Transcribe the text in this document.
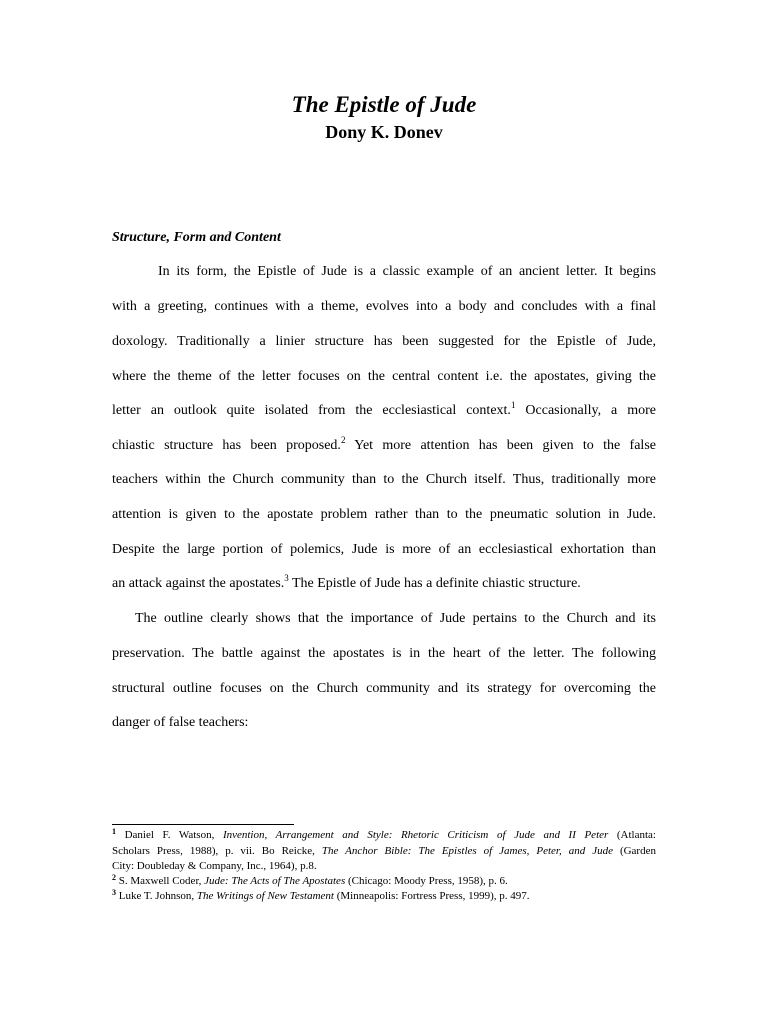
The Epistle of Jude
Dony K. Donev
Structure, Form and Content
In its form, the Epistle of Jude is a classic example of an ancient letter. It begins
with a greeting, continues with a theme, evolves into a body and concludes with a final
doxology. Traditionally a linier structure has been suggested for the Epistle of Jude,
where the theme of the letter focuses on the central content i.e. the apostates, giving the
letter an outlook quite isolated from the ecclesiastical context.$^1$ Occasionally, a more
chiastic structure has been proposed.$^2$ Yet more attention has been given to the false
teachers within the Church community than to the Church itself. Thus, traditionally more
attention is given to the apostate problem rather than to the pneumatic solution in Jude.
Despite the large portion of polemics, Jude is more of an ecclesiastical exhortation than
an attack against the apostates.$^3$ The Epistle of Jude has a definite chiastic structure.
The outline clearly shows that the importance of Jude pertains to the Church and its
preservation. The battle against the apostates is in the heart of the letter. The following
structural outline focuses on the Church community and its strategy for overcoming the
danger of false teachers:
$^1$ Daniel F. Watson, Invention, Arrangement and Style: Rhetoric Criticism of Jude and II Peter (Atlanta:
Scholars Press, 1988), p. vii. Bo Reicke, The Anchor Bible: The Epistles of James, Peter, and Jude (Garden
City: Doubleday & Company, Inc., 1964), p.8.
$^2$ S. Maxwell Coder, Jude: The Acts of The Apostates (Chicago: Moody Press, 1958), p. 6.
$^3$ Luke T. Johnson, The Writings of New Testament (Minneapolis: Fortress Press, 1999), p. 497.
